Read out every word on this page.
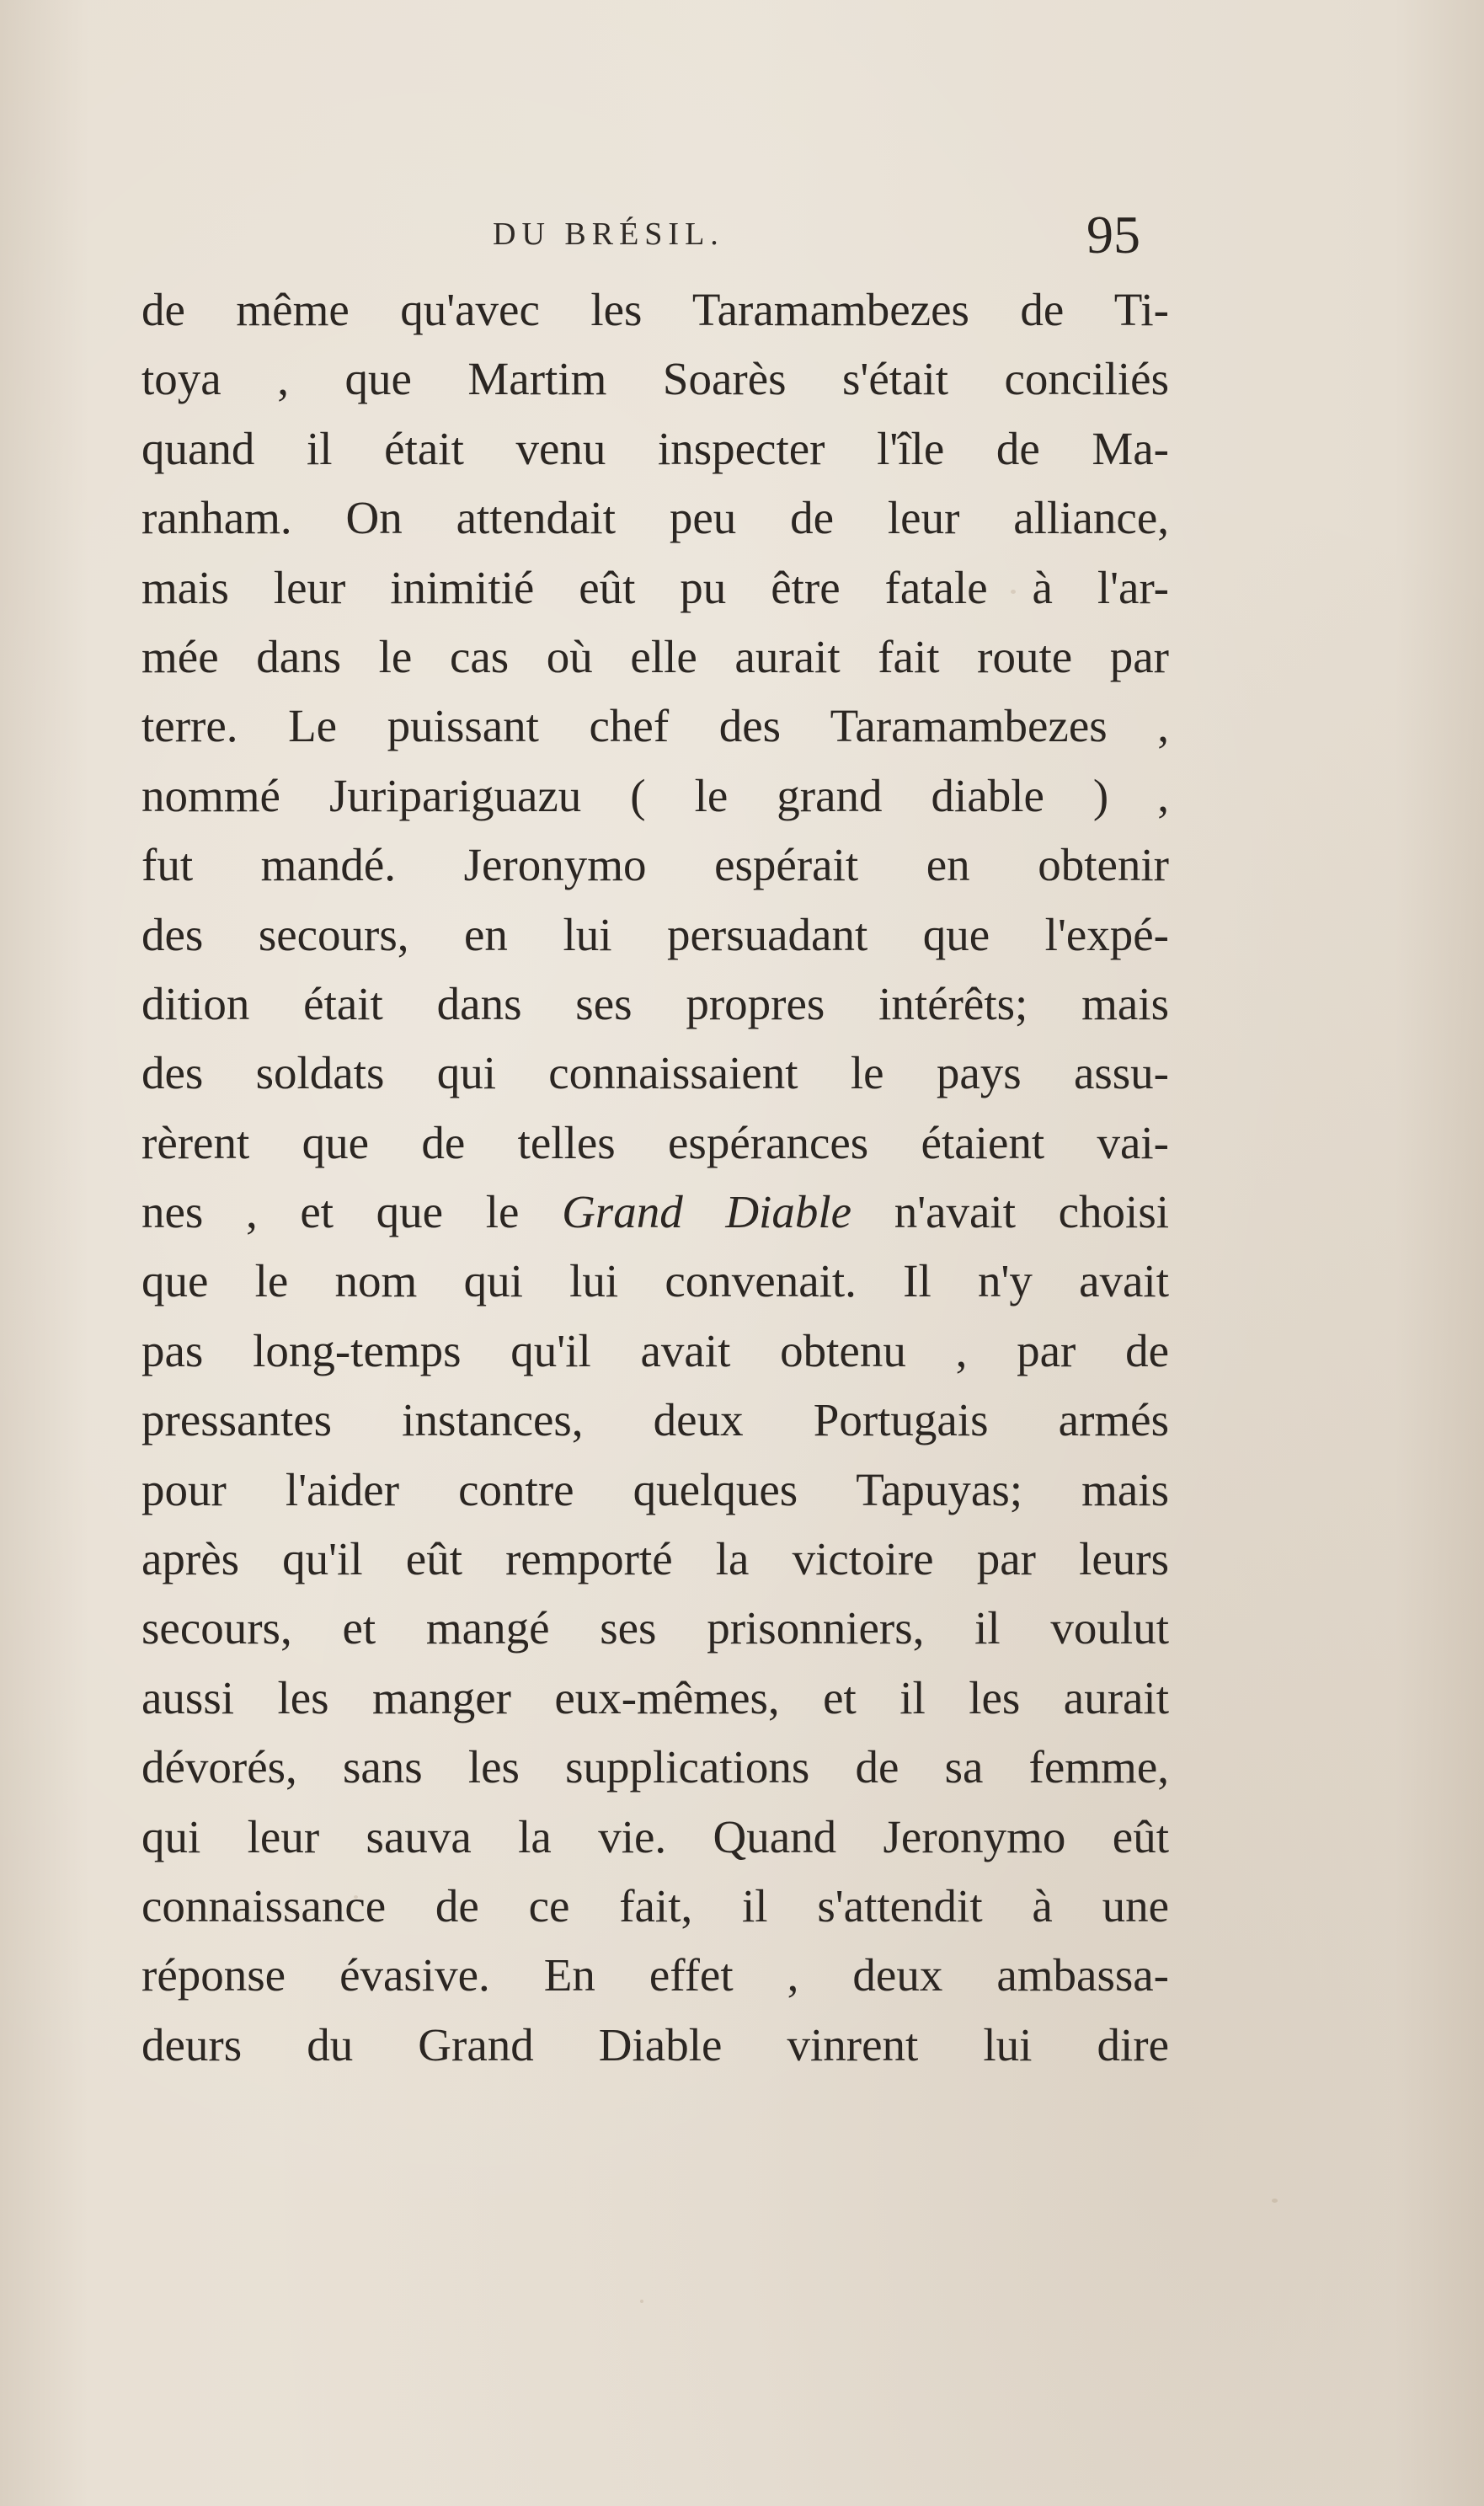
DU BRÉSIL.	95
de même qu'avec les Taramambezes de Ti-
toya , que Martim Soarès s'était conciliés
quand il était venu inspecter l'île de Ma-
ranham. On attendait peu de leur alliance,
mais leur inimitié eût pu être fatale à l'ar-
mée dans le cas où elle aurait fait route par
terre. Le puissant chef des Taramambezes ,
nommé Juripariguazu ( le grand diable ) ,
fut mandé. Jeronymo espérait en obtenir
des secours, en lui persuadant que l'expé-
dition était dans ses propres intérêts; mais
des soldats qui connaissaient le pays assu-
rèrent que de telles espérances étaient vai-
nes , et que le Grand Diable n'avait choisi
que le nom qui lui convenait. Il n'y avait
pas long-temps qu'il avait obtenu , par de
pressantes instances, deux Portugais armés
pour l'aider contre quelques Tapuyas; mais
après qu'il eût remporté la victoire par leurs
secours, et mangé ses prisonniers, il voulut
aussi les manger eux-mêmes, et il les aurait
dévorés, sans les supplications de sa femme,
qui leur sauva la vie. Quand Jeronymo eût
connaissance de ce fait, il s'attendit à une
réponse évasive. En effet , deux ambassa-
deurs du Grand Diable vinrent lui dire
